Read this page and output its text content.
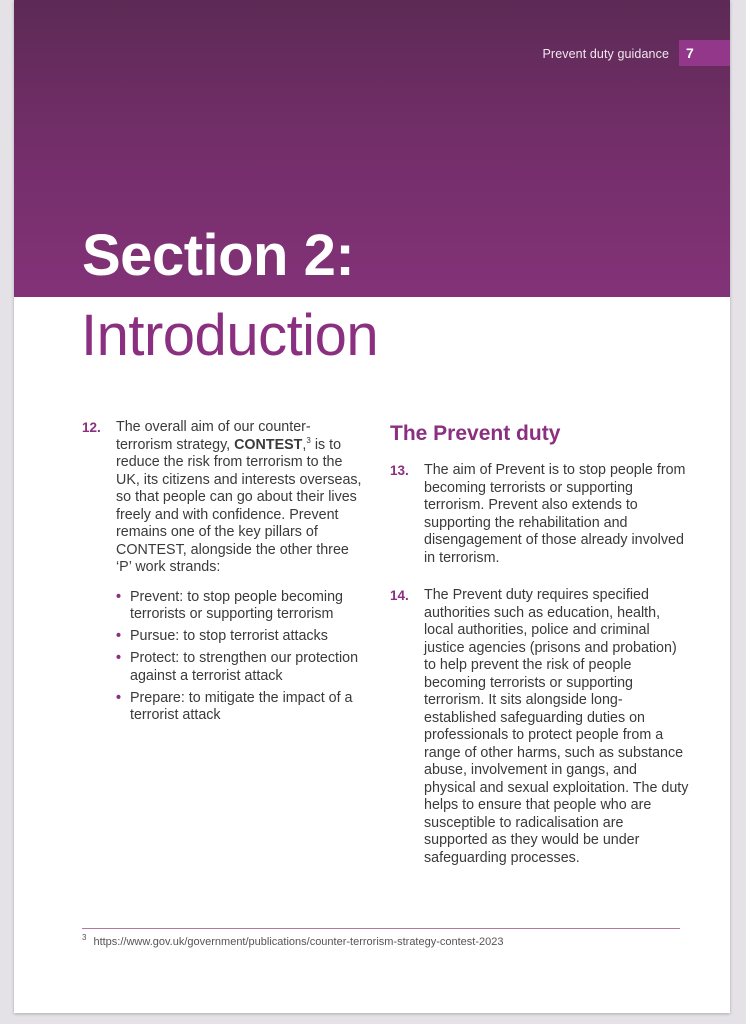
Prevent duty guidance	7
Section 2:
Introduction
12. The overall aim of our counter-terrorism strategy, CONTEST,$^3$ is to reduce the risk from terrorism to the UK, its citizens and interests overseas, so that people can go about their lives freely and with confidence. Prevent remains one of the key pillars of CONTEST, alongside the other three ‘P’ work strands:
• Prevent: to stop people becoming terrorists or supporting terrorism
• Pursue: to stop terrorist attacks
• Protect: to strengthen our protection against a terrorist attack
• Prepare: to mitigate the impact of a terrorist attack
The Prevent duty
13. The aim of Prevent is to stop people from becoming terrorists or supporting terrorism. Prevent also extends to supporting the rehabilitation and disengagement of those already involved in terrorism.
14. The Prevent duty requires specified authorities such as education, health, local authorities, police and criminal justice agencies (prisons and probation) to help prevent the risk of people becoming terrorists or supporting terrorism. It sits alongside long-established safeguarding duties on professionals to protect people from a range of other harms, such as substance abuse, involvement in gangs, and physical and sexual exploitation. The duty helps to ensure that people who are susceptible to radicalisation are supported as they would be under safeguarding processes.
$^3$ https://www.gov.uk/government/publications/counter-terrorism-strategy-contest-2023
